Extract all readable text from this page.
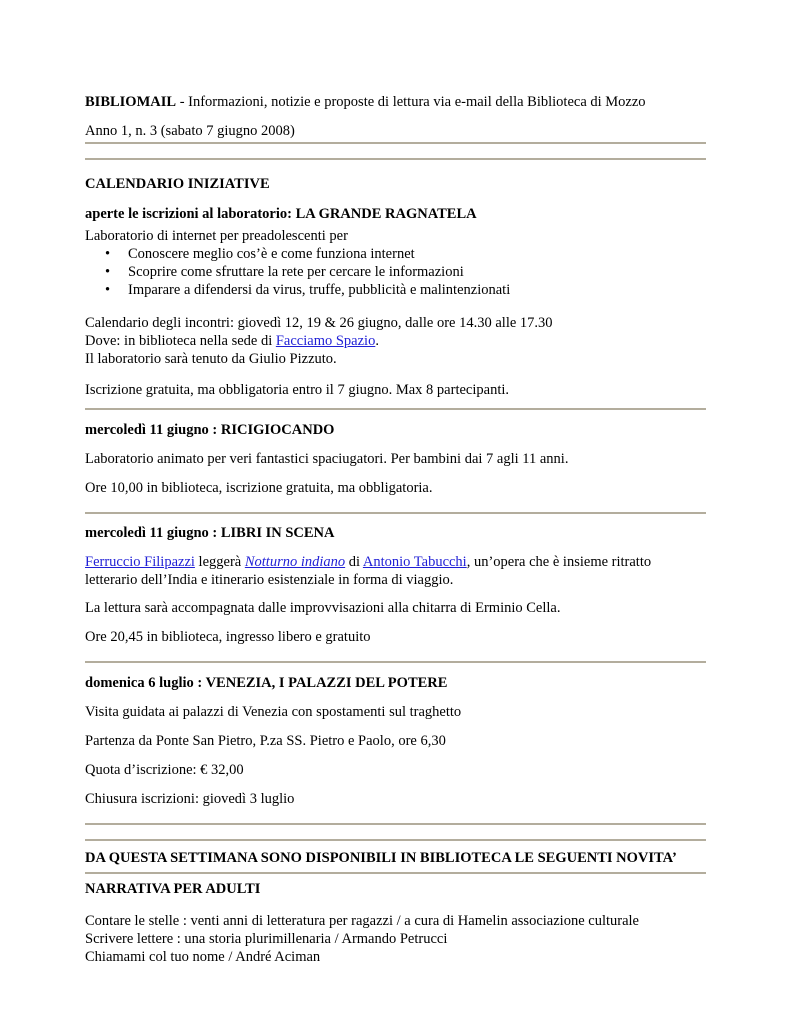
BIBLIOMAIL - Informazioni, notizie e proposte di lettura via e-mail della Biblioteca di Mozzo
Anno 1, n. 3 (sabato 7 giugno 2008)
CALENDARIO INIZIATIVE
aperte le iscrizioni al laboratorio: LA GRANDE RAGNATELA
Laboratorio di internet per preadolescenti per
• Conoscere meglio cos’è e come funziona internet
• Scoprire come sfruttare la rete per cercare le informazioni
• Imparare a difendersi da virus, truffe, pubblicità e malintenzionati
Calendario degli incontri: giovedì 12, 19 & 26 giugno, dalle ore 14.30 alle 17.30
Dove: in biblioteca nella sede di Facciamo Spazio.
Il laboratorio sarà tenuto da Giulio Pizzuto.
Iscrizione gratuita, ma obbligatoria entro il 7 giugno. Max 8 partecipanti.
mercoledì 11 giugno : RICIGIOCANDO
Laboratorio animato per veri fantastici spaciugatori. Per bambini dai 7 agli 11 anni.
Ore 10,00 in biblioteca, iscrizione gratuita, ma obbligatoria.
mercoledì 11 giugno : LIBRI IN SCENA
Ferruccio Filipazzi leggerà Notturno indiano di Antonio Tabucchi, un’opera che è insieme ritratto
letterario dell’India e itinerario esistenziale in forma di viaggio.
La lettura sarà accompagnata dalle improvvisazioni alla chitarra di Erminio Cella.
Ore 20,45 in biblioteca, ingresso libero e gratuito
domenica 6 luglio : VENEZIA, I PALAZZI DEL POTERE
Visita guidata ai palazzi di Venezia con spostamenti sul traghetto
Partenza da Ponte San Pietro, P.za SS. Pietro e Paolo, ore 6,30
Quota d’iscrizione: € 32,00
Chiusura iscrizioni: giovedì 3 luglio
DA QUESTA SETTIMANA SONO DISPONIBILI IN BIBLIOTECA LE SEGUENTI NOVITA’
NARRATIVA PER ADULTI
Contare le stelle : venti anni di letteratura per ragazzi / a cura di Hamelin associazione culturale
Scrivere lettere : una storia plurimillenaria / Armando Petrucci
Chiamami col tuo nome / André Aciman
